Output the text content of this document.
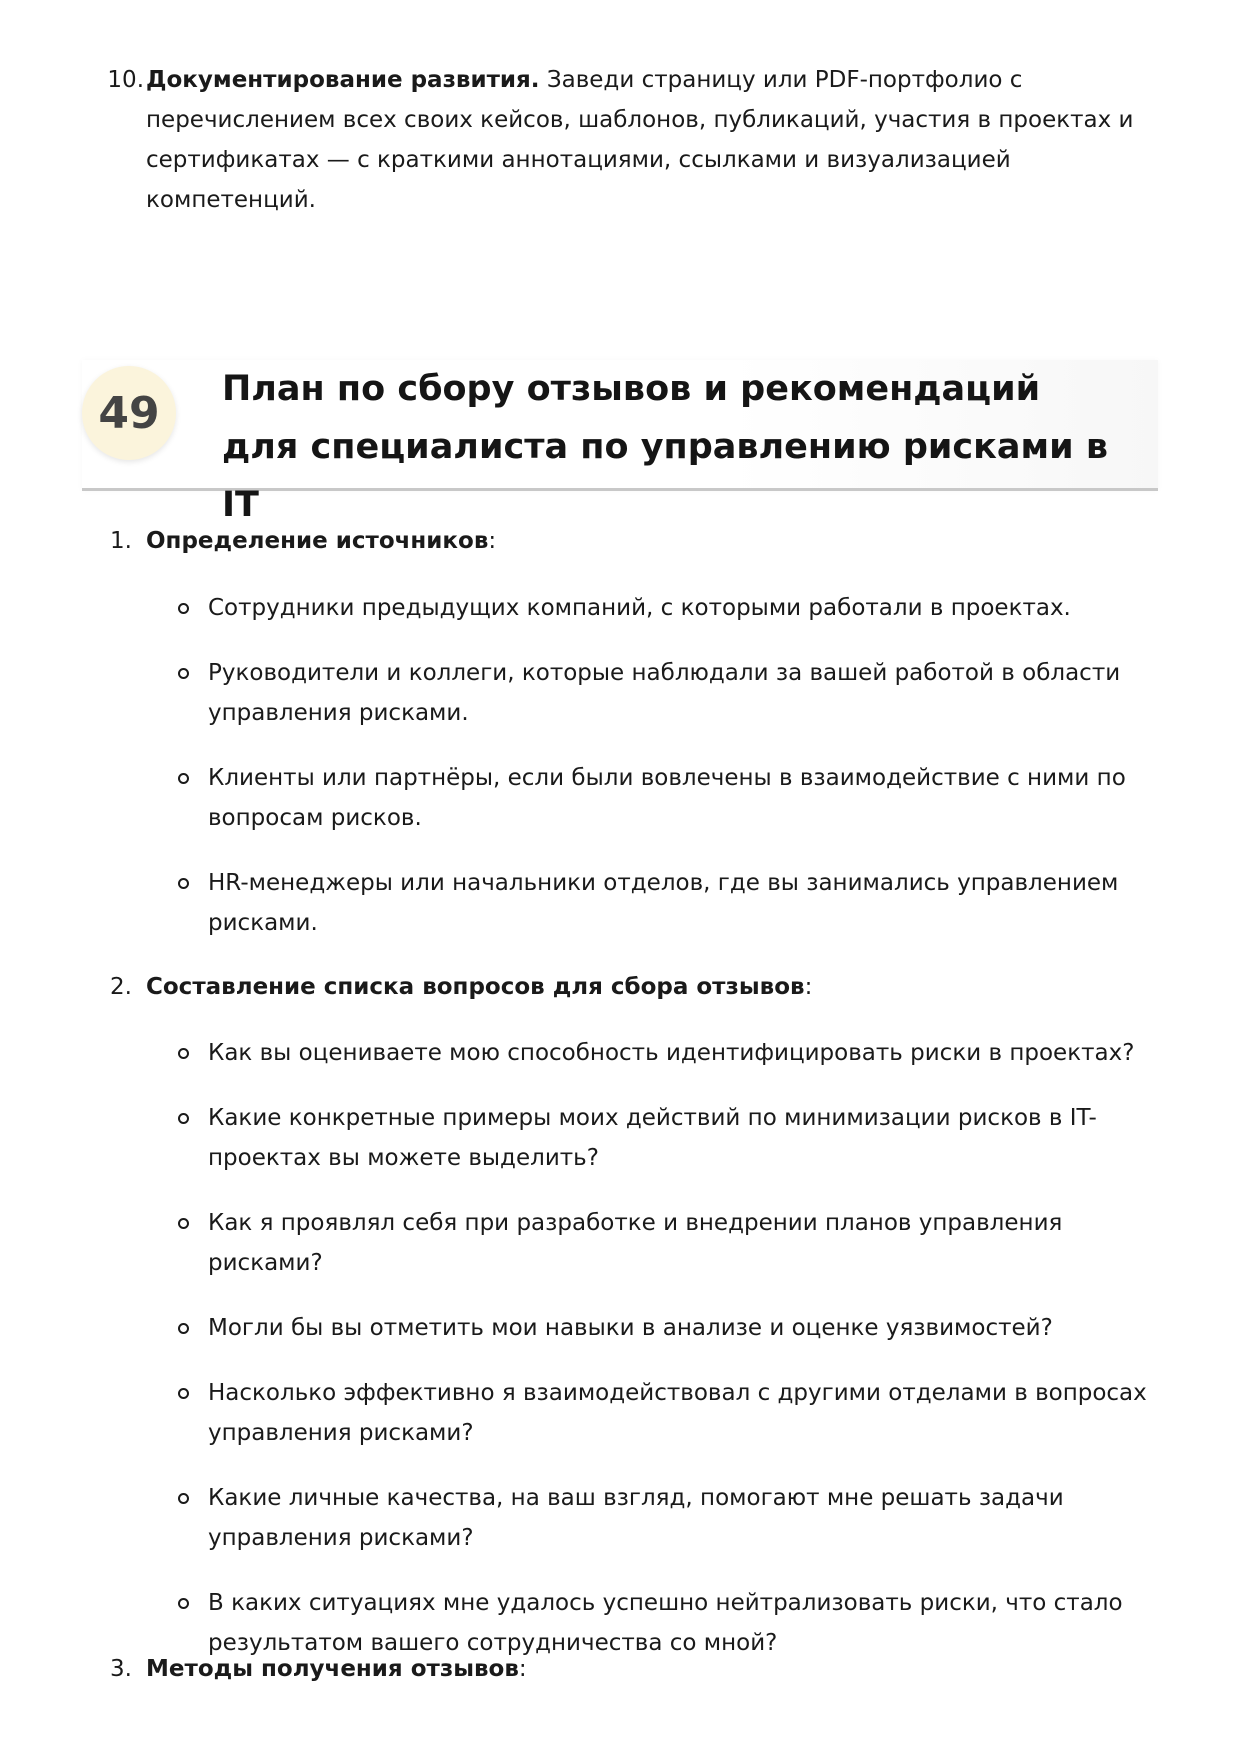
10. Документирование развития. Заведи страницу или PDF-портфолио с перечислением всех своих кейсов, шаблонов, публикаций, участия в проектах и сертификатах — с краткими аннотациями, ссылками и визуализацией компетенций.
49	План по сбору отзывов и рекомендаций для специалиста по управлению рисками в IT
1. Определение источников:
Сотрудники предыдущих компаний, с которыми работали в проектах.
Руководители и коллеги, которые наблюдали за вашей работой в области управления рисками.
Клиенты или партнёры, если были вовлечены в взаимодействие с ними по вопросам рисков.
HR-менеджеры или начальники отделов, где вы занимались управлением рисками.
2. Составление списка вопросов для сбора отзывов:
Как вы оцениваете мою способность идентифицировать риски в проектах?
Какие конкретные примеры моих действий по минимизации рисков в IT-проектах вы можете выделить?
Как я проявлял себя при разработке и внедрении планов управления рисками?
Могли бы вы отметить мои навыки в анализе и оценке уязвимостей?
Насколько эффективно я взаимодействовал с другими отделами в вопросах управления рисками?
Какие личные качества, на ваш взгляд, помогают мне решать задачи управления рисками?
В каких ситуациях мне удалось успешно нейтрализовать риски, что стало результатом вашего сотрудничества со мной?
3. Методы получения отзывов:
